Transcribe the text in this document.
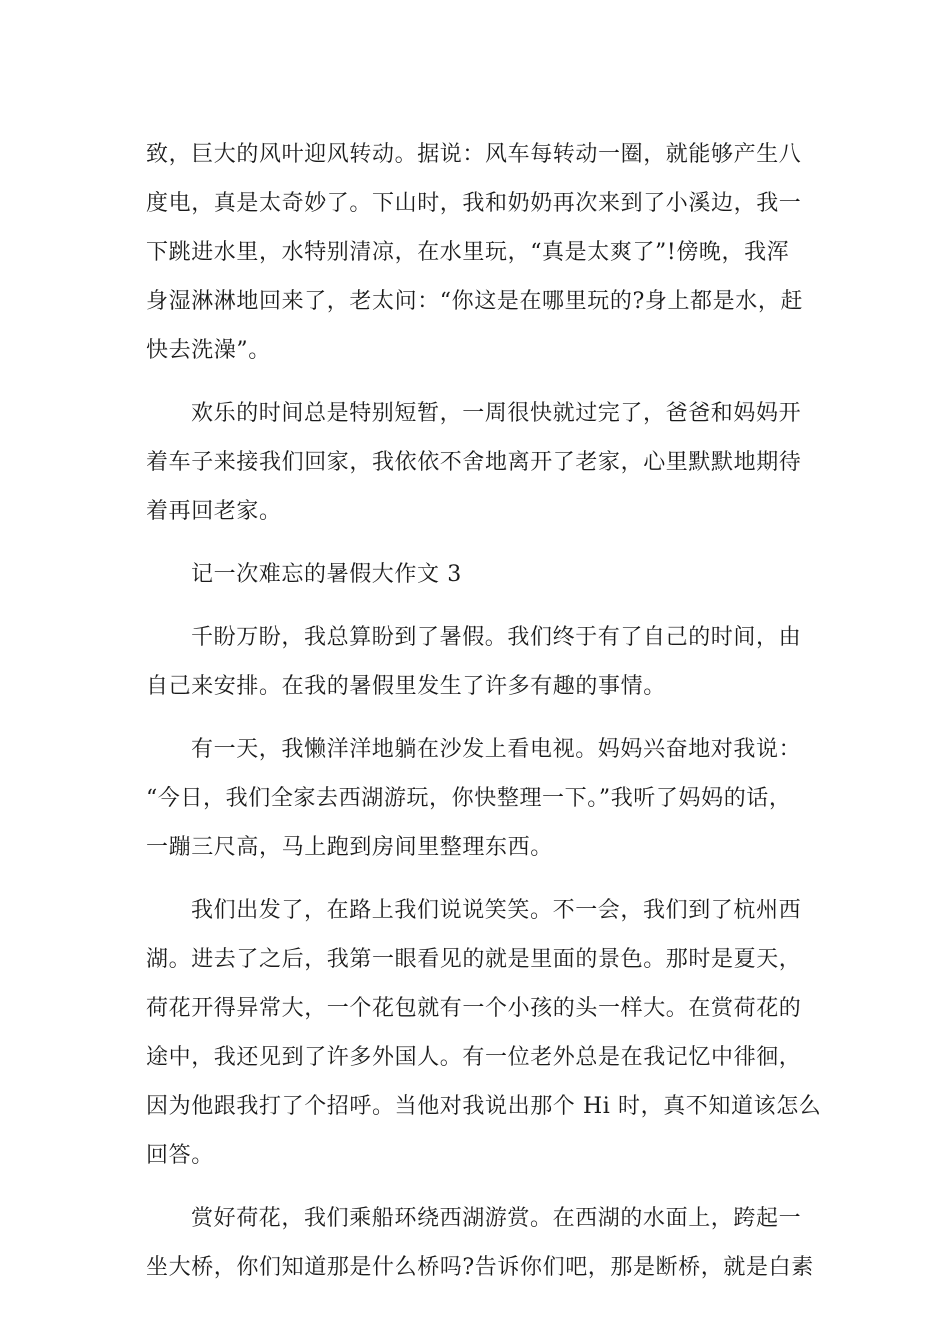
致，巨大的风叶迎风转动。据说：风车每转动一圈，就能够产生八
度电，真是太奇妙了。下山时，我和奶奶再次来到了小溪边，我一
下跳进水里，水特别清凉，在水里玩，“真是太爽了”!傍晚，我浑
身湿淋淋地回来了，老太问：“你这是在哪里玩的?身上都是水，赶
快去洗澡”。
欢乐的时间总是特别短暂，一周很快就过完了，爸爸和妈妈开
着车子来接我们回家，我依依不舍地离开了老家，心里默默地期待
着再回老家。
记一次难忘的暑假大作文 3
千盼万盼，我总算盼到了暑假。我们终于有了自己的时间，由
自己来安排。在我的暑假里发生了许多有趣的事情。
有一天，我懒洋洋地躺在沙发上看电视。妈妈兴奋地对我说：
“今日，我们全家去西湖游玩，你快整理一下。”我听了妈妈的话，
一蹦三尺高，马上跑到房间里整理东西。
我们出发了，在路上我们说说笑笑。不一会，我们到了杭州西
湖。进去了之后，我第一眼看见的就是里面的景色。那时是夏天，
荷花开得异常大，一个花包就有一个小孩的头一样大。在赏荷花的
途中，我还见到了许多外国人。有一位老外总是在我记忆中徘徊，
因为他跟我打了个招呼。当他对我说出那个 Hi 时，真不知道该怎么
回答。
赏好荷花，我们乘船环绕西湖游赏。在西湖的水面上，跨起一
坐大桥，你们知道那是什么桥吗?告诉你们吧，那是断桥，就是白素
